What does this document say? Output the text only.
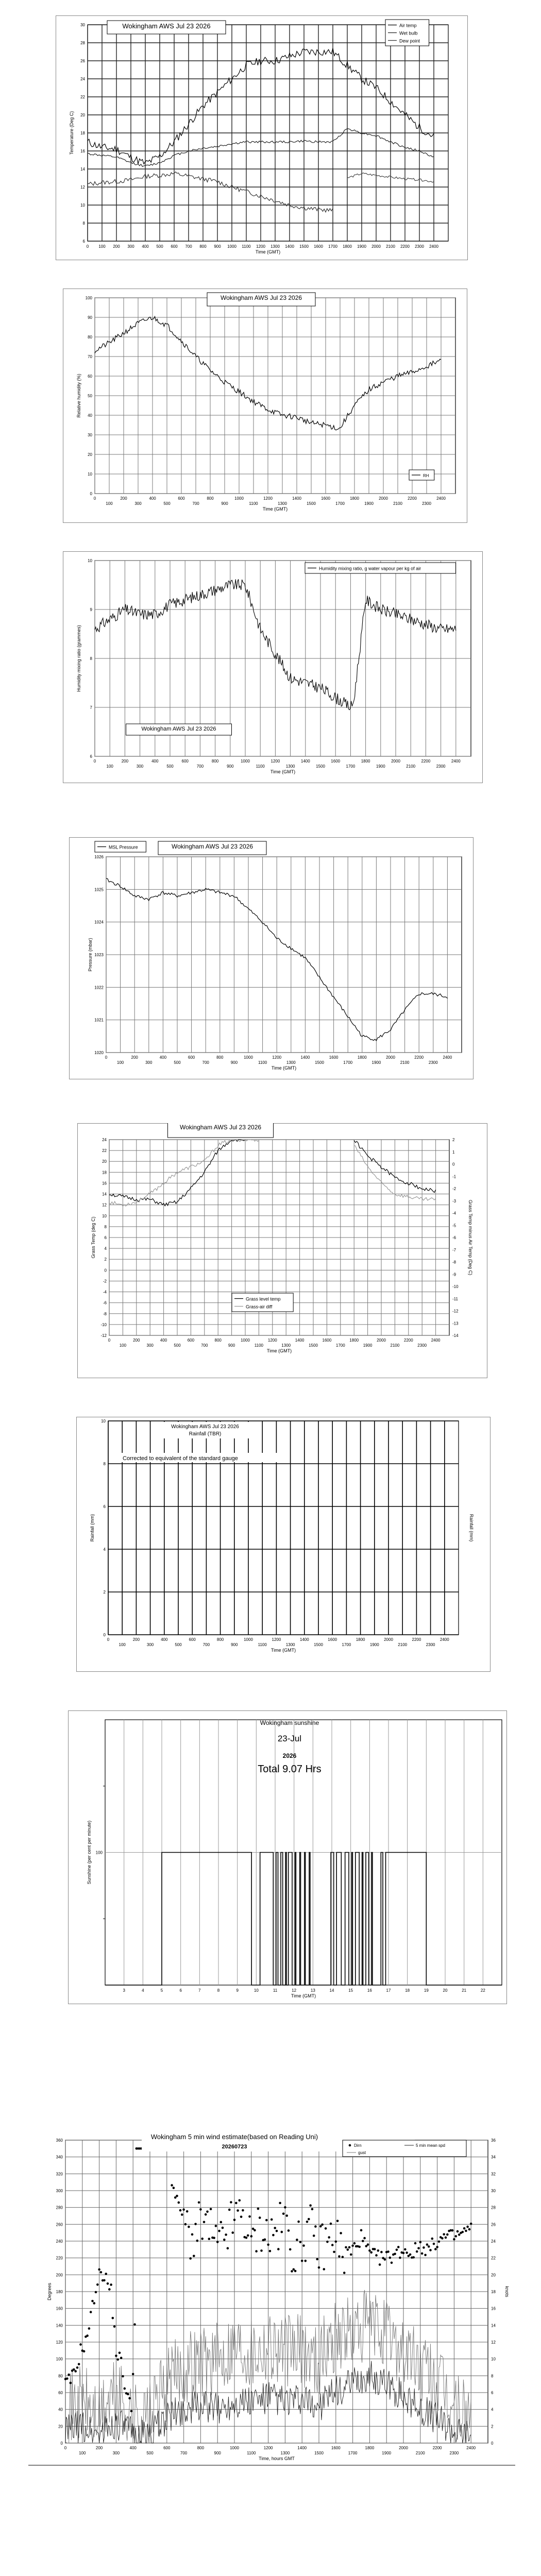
6
8
10
12
14
16
18
20
22
24
26
28
30
0 100 200 300 400 500 600 700 800 900 1000 1100 1200 1300 1400 1500 1600 1700 1800 1900 2000 2100 2200 2300 2400
Time (GMT)
Temperature (Deg C)
Wokingham AWS Jul 23 2026	Air temp
Wet bulb
Dew point
0
10
20
30
40
50
60
70
80
90
100
0	200	400	600	800	1000	1200	1400	1600	1800	2000	2200	2400
100	300	500	700	900	1100	1300	1500	1700	1900	2100	2300
Time (GMT)
Relative humidity (%)
Wokingham AWS Jul 23 2026
RH
6
7
8
9
10
0	200	400	600	800	1000	1200	1400	1600	1800	2000	2200	2400
100	300	500	700	900	1100	1300	1500	1700	1900	2100	2300
Time (GMT)
Humidity mixing ratio (grammes)
Wokingham AWS Jul 23 2026
Humidity mixing ratio, g water vapour per kg of air
1020
1021
1022
1023
1024
1025
1026
0	200	400	600	800	1000	1200	1400	1600	1800	2000	2200	2400
100	300	500	700	900	1100	1300	1500	1700	1900	2100	2300
Time (GMT)
Pressure (mbar)
Wokingham AWS Jul 23 2026
MSL Pressure
-12
-10
-8
-6
-4
-2
0
2
4
6
8
10
12
14
16
18
20
22
24
0	200	400	600	800	1000	1200	1400	1600	1800	2000	2200	2400
100	300	500	700	900	1100	1300	1500	1700	1900	2100	2300
Time (GMT)
Grass Temp (deg C)
-14
-13
-12
-11
-10
-9
-8
-7
-6
-5
-4
-3
-2
-1
0
1
2
Grass Temp minus Air Temp (Deg C)
Wokingham AWS Jul 23 2026
Grass level temp
Grass-air diff
0
2
4
6
8
10
0	200	400	600	800	1000	1200	1400	1600	1800	2000	2200	2400
100	300	500	700	900	1100	1300	1500	1700	1900	2100	2300
Time (GMT)
Rainfall (mm)	Rainfall (mm)
Wokingham AWS Jul 23 2026
Rainfall (TBR)
Corrected to equivalent of the standard gauge
100
3	4	5	6	7	8	9	10	11	12	13	14	15	16	17	18	19	20	21	22
Time (GMT)
Sunshine (per cent per minute)
Wokingham sunshine
23-Jul
2026
Total 9.07 Hrs
0
20
40
60
80
100
120
140
160
180
200
220
240
260
280
300
320
340
360
0	200	400	600	800	1000	1200	1400	1600	1800	2000	2200	2400
100	300	500	700	900	1100	1300	1500	1700	1900	2100	2300
Time, hours GMT
Degrees
0
2
4
6
8
10
12
14
16
18
20
22
24
26
28
30
32
34
36
knots
Wokingham 5 min wind estimate(based on Reading Uni)
20260723	Dirn	5 min mean spd
gust
